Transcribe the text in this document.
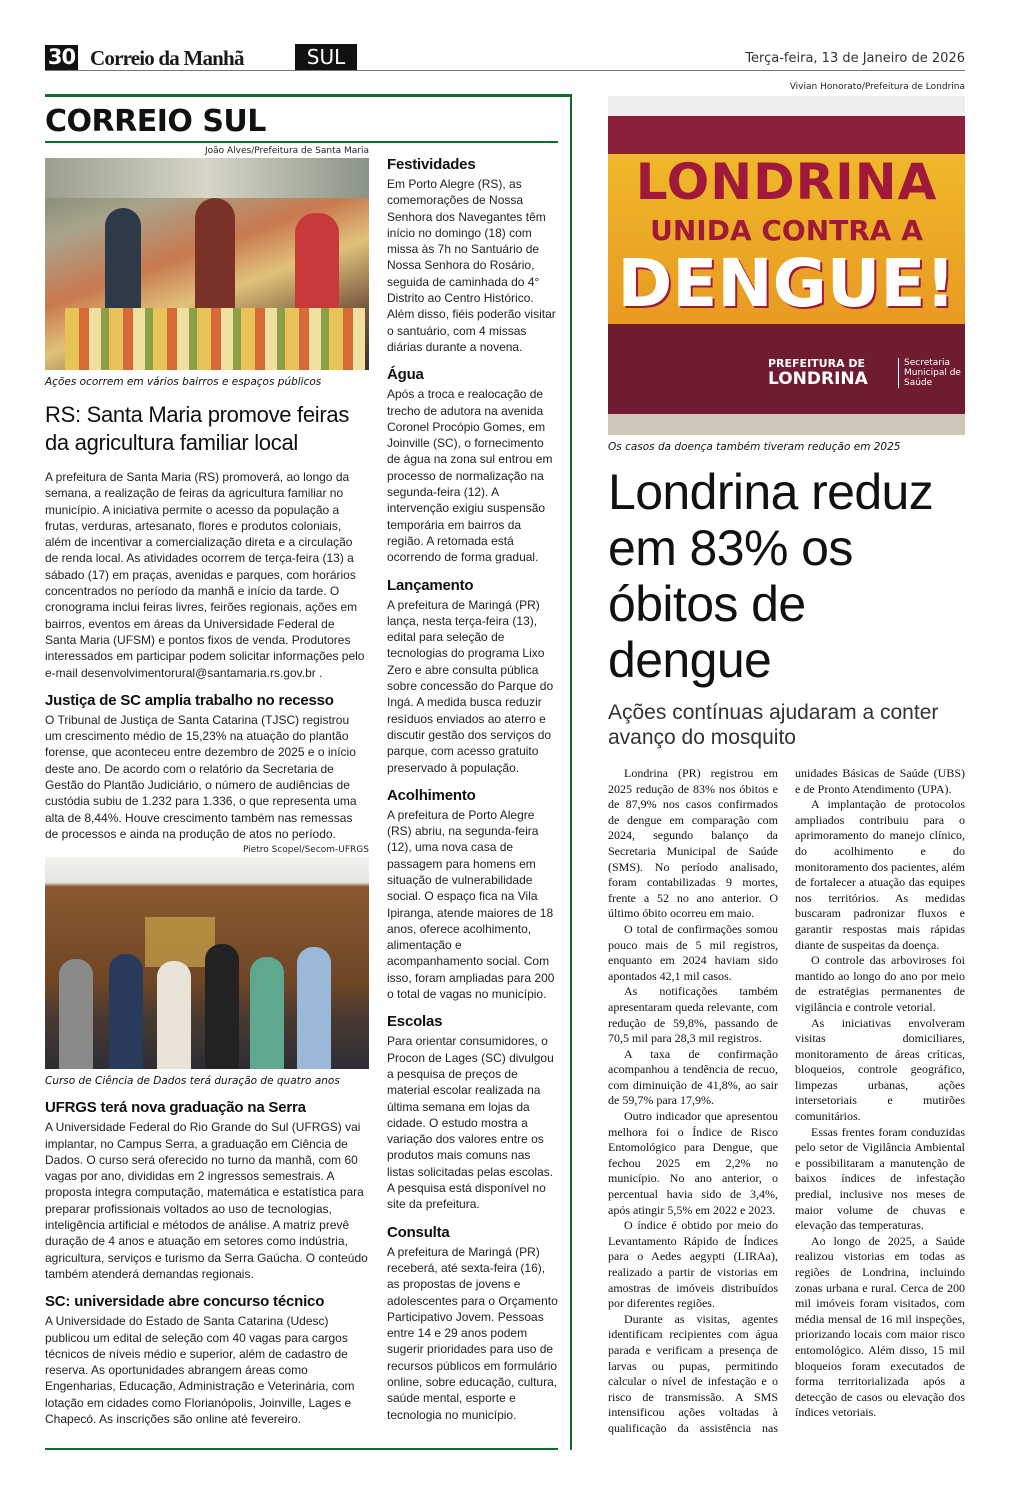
30 Correio da Manhã	SUL	Terça-feira, 13 de Janeiro de 2026
CORREIO SUL
João Alves/Prefeitura de Santa Maria
Ações ocorrem em vários bairros e espaços públicos
RS: Santa Maria promove feiras da agricultura familiar local
A prefeitura de Santa Maria (RS) promoverá, ao longo da semana, a realização de feiras da agricultura familiar no município. A iniciativa permite o acesso da população a frutas, verduras, artesanato, flores e produtos coloniais, além de incentivar a comercialização direta e a circulação de renda local. As atividades ocorrem de terça-feira (13) a sábado (17) em praças, avenidas e parques, com horários concentrados no período da manhã e início da tarde. O cronograma inclui feiras livres, feirões regionais, ações em bairros, eventos em áreas da Universidade Federal de Santa Maria (UFSM) e pontos fixos de venda. Produtores interessados em participar podem solicitar informações pelo e-mail desenvolvimentorural@santamaria.rs.gov.br .
Justiça de SC amplia trabalho no recesso
O Tribunal de Justiça de Santa Catarina (TJSC) registrou um crescimento médio de 15,23% na atuação do plantão forense, que aconteceu entre dezembro de 2025 e o início deste ano. De acordo com o relatório da Secretaria de Gestão do Plantão Judiciário, o número de audiências de custódia subiu de 1.232 para 1.336, o que representa uma alta de 8,44%. Houve crescimento também nas remessas de processos e ainda na produção de atos no período.
Pietro Scopel/Secom-UFRGS
Curso de Ciência de Dados terá duração de quatro anos
UFRGS terá nova graduação na Serra
A Universidade Federal do Rio Grande do Sul (UFRGS) vai implantar, no Campus Serra, a graduação em Ciência de Dados. O curso será oferecido no turno da manhã, com 60 vagas por ano, divididas em 2 ingressos semestrais. A proposta integra computação, matemática e estatística para preparar profissionais voltados ao uso de tecnologias, inteligência artificial e métodos de análise. A matriz prevê duração de 4 anos e atuação em setores como indústria, agricultura, serviços e turismo da Serra Gaúcha. O conteúdo também atenderá demandas regionais.
SC: universidade abre concurso técnico
A Universidade do Estado de Santa Catarina (Udesc) publicou um edital de seleção com 40 vagas para cargos técnicos de níveis médio e superior, além de cadastro de reserva. As oportunidades abrangem áreas como Engenharias, Educação, Administração e Veterinária, com lotação em cidades como Florianópolis, Joinville, Lages e Chapecó. As inscrições são online até fevereiro.
Festividades
Em Porto Alegre (RS), as comemorações de Nossa Senhora dos Navegantes têm início no domingo (18) com missa às 7h no Santuário de Nossa Senhora do Rosário, seguida de caminhada do 4° Distrito ao Centro Histórico. Além disso, fiéis poderão visitar o santuário, com 4 missas diárias durante a novena.
Água
Após a troca e realocação de trecho de adutora na avenida Coronel Procópio Gomes, em Joinville (SC), o fornecimento de água na zona sul entrou em processo de normalização na segunda-feira (12). A intervenção exigiu suspensão temporária em bairros da região. A retomada está ocorrendo de forma gradual.
Lançamento
A prefeitura de Maringá (PR) lança, nesta terça-feira (13), edital para seleção de tecnologias do programa Lixo Zero e abre consulta pública sobre concessão do Parque do Ingá. A medida busca reduzir resíduos enviados ao aterro e discutir gestão dos serviços do parque, com acesso gratuito preservado à população.
Acolhimento
A prefeitura de Porto Alegre (RS) abriu, na segunda-feira (12), uma nova casa de passagem para homens em situação de vulnerabilidade social. O espaço fica na Vila Ipiranga, atende maiores de 18 anos, oferece acolhimento, alimentação e acompanhamento social. Com isso, foram ampliadas para 200 o total de vagas no município.
Escolas
Para orientar consumidores, o Procon de Lages (SC) divulgou a pesquisa de preços de material escolar realizada na última semana em lojas da cidade. O estudo mostra a variação dos valores entre os produtos mais comuns nas listas solicitadas pelas escolas. A pesquisa está disponível no site da prefeitura.
Consulta
A prefeitura de Maringá (PR) receberá, até sexta-feira (16), as propostas de jovens e adolescentes para o Orçamento Participativo Jovem. Pessoas entre 14 e 29 anos podem sugerir prioridades para uso de recursos públicos em formulário online, sobre educação, cultura, saúde mental, esporte e tecnologia no município.
Vivian Honorato/Prefeitura de Londrina
LONDRINA
UNIDA CONTRA A
DENGUE!
PREFEITURA DE
LONDRINA
Secretaria Municipal de Saúde
Os casos da doença também tiveram redução em 2025
Londrina reduz em 83% os óbitos de dengue
Ações contínuas ajudaram a conter avanço do mosquito

Londrina (PR) registrou em 2025 redução de 83% nos óbitos e de 87,9% nos casos confirmados de dengue em comparação com 2024, segundo balanço da Secretaria Municipal de Saúde (SMS). No período analisado, foram contabilizadas 9 mortes, frente a 52 no ano anterior. O último óbito ocorreu em maio.

O total de confirmações somou pouco mais de 5 mil registros, enquanto em 2024 haviam sido apontados 42,1 mil casos.

As notificações também apresentaram queda relevante, com redução de 59,8%, passando de 70,5 mil para 28,3 mil registros.

A taxa de confirmação acompanhou a tendência de recuo, com diminuição de 41,8%, ao sair de 59,7% para 17,9%.

Outro indicador que apresentou melhora foi o Índice de Risco Entomológico para Dengue, que fechou 2025 em 2,2% no município. No ano anterior, o percentual havia sido de 3,4%, após atingir 5,5% em 2022 e 2023.

O índice é obtido por meio do Levantamento Rápido de Índices para o Aedes aegypti (LIRAa), realizado a partir de vistorias em amostras de imóveis distribuídos por diferentes regiões.

Durante as visitas, agentes identificam recipientes com água parada e verificam a presença de larvas ou pupas, permitindo calcular o nível de infestação e o risco de transmissão. A SMS intensificou ações voltadas à qualificação da assistência nas unidades Básicas de Saúde (UBS) e de Pronto Atendimento (UPA).

A implantação de protocolos ampliados contribuiu para o aprimoramento do manejo clínico, do acolhimento e do monitoramento dos pacientes, além de fortalecer a atuação das equipes nos territórios. As medidas buscaram padronizar fluxos e garantir respostas mais rápidas diante de suspeitas da doença.

O controle das arboviroses foi mantido ao longo do ano por meio de estratégias permanentes de vigilância e controle vetorial.

As iniciativas envolveram visitas domiciliares, monitoramento de áreas críticas, bloqueios, controle geográfico, limpezas urbanas, ações intersetoriais e mutirões comunitários.

Essas frentes foram conduzidas pelo setor de Vigilância Ambiental e possibilitaram a manutenção de baixos índices de infestação predial, inclusive nos meses de maior volume de chuvas e elevação das temperaturas.

Ao longo de 2025, a Saúde realizou vistorias em todas as regiões de Londrina, incluindo zonas urbana e rural. Cerca de 200 mil imóveis foram visitados, com média mensal de 16 mil inspeções, priorizando locais com maior risco entomológico. Além disso, 15 mil bloqueios foram executados de forma territorializada após a detecção de casos ou elevação dos índices vetoriais.
